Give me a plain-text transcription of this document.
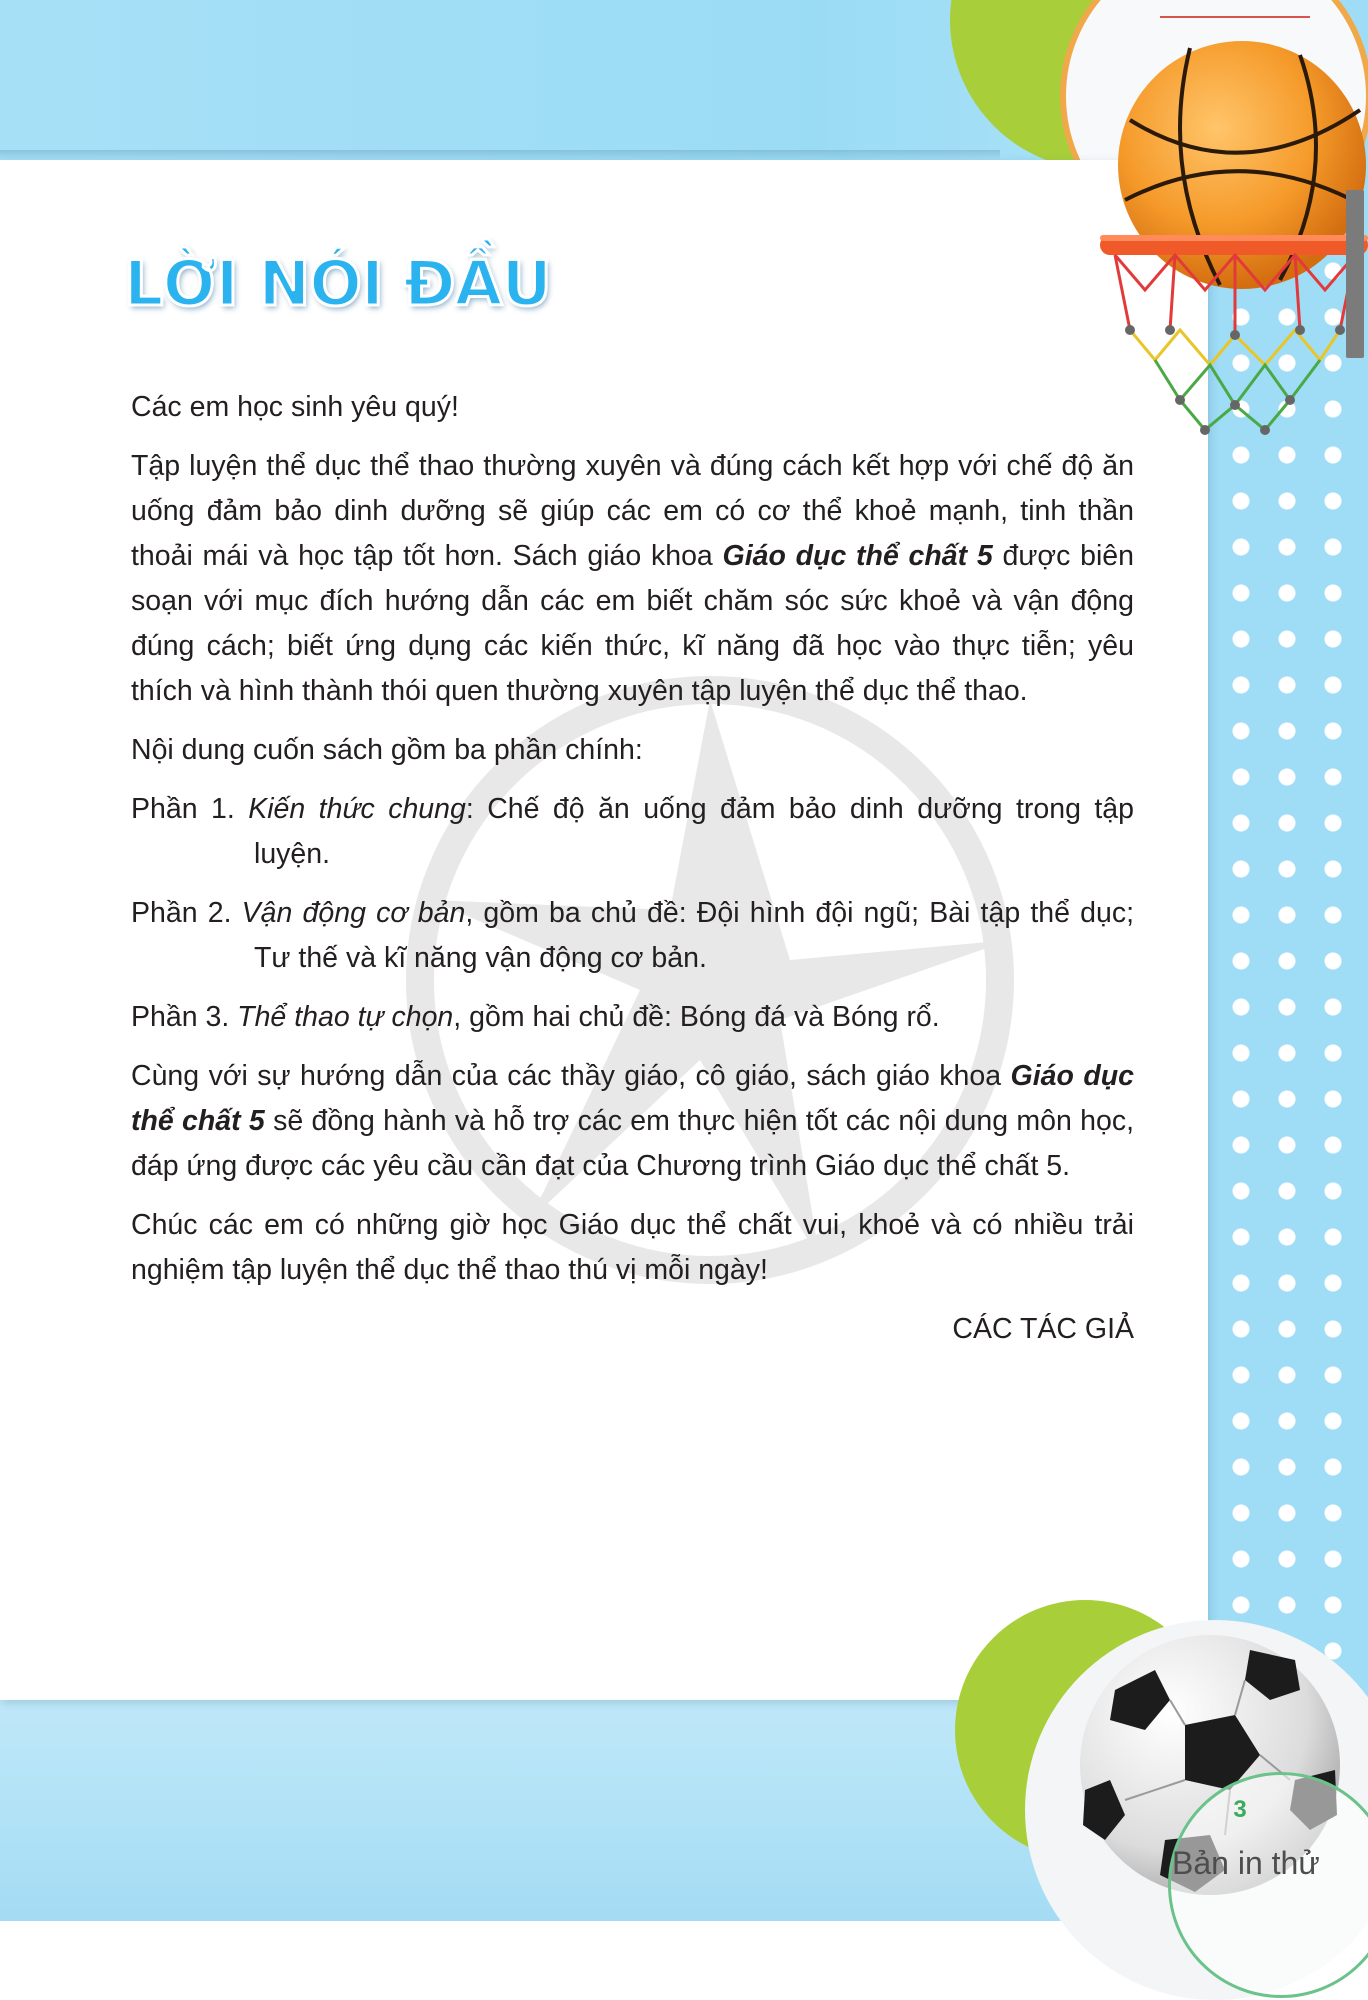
LỜI NÓI ĐẦU

Các em học sinh yêu quý!

Tập luyện thể dục thể thao thường xuyên và đúng cách kết hợp với chế độ ăn uống đảm bảo dinh dưỡng sẽ giúp các em có cơ thể khoẻ mạnh, tinh thần thoải mái và học tập tốt hơn. Sách giáo khoa Giáo dục thể chất 5 được biên soạn với mục đích hướng dẫn các em biết chăm sóc sức khoẻ và vận động đúng cách; biết ứng dụng các kiến thức, kĩ năng đã học vào thực tiễn; yêu thích và hình thành thói quen thường xuyên tập luyện thể dục thể thao.

Nội dung cuốn sách gồm ba phần chính:

Phần 1. Kiến thức chung: Chế độ ăn uống đảm bảo dinh dưỡng trong tập luyện.

Phần 2. Vận động cơ bản, gồm ba chủ đề: Đội hình đội ngũ; Bài tập thể dục; Tư thế và kĩ năng vận động cơ bản.

Phần 3. Thể thao tự chọn, gồm hai chủ đề: Bóng đá và Bóng rổ.

Cùng với sự hướng dẫn của các thầy giáo, cô giáo, sách giáo khoa Giáo dục thể chất 5 sẽ đồng hành và hỗ trợ các em thực hiện tốt các nội dung môn học, đáp ứng được các yêu cầu cần đạt của Chương trình Giáo dục thể chất 5.

Chúc các em có những giờ học Giáo dục thể chất vui, khoẻ và có nhiều trải nghiệm tập luyện thể dục thể thao thú vị mỗi ngày!

CÁC TÁC GIẢ

3
Bản in thử
